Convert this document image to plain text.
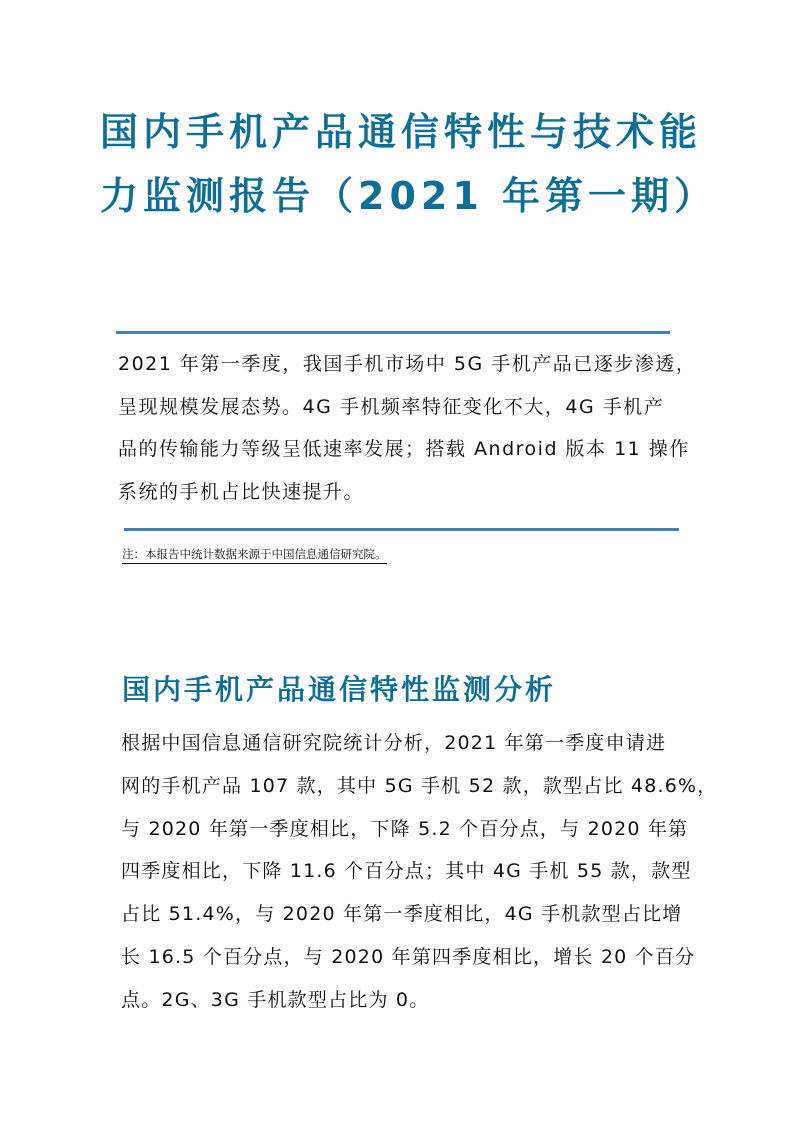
国内手机产品通信特性与技术能
力监测报告（2021 年第一期）

2021 年第一季度，我国手机市场中 5G 手机产品已逐步渗透，
呈现规模发展态势。4G 手机频率特征变化不大，4G 手机产
品的传输能力等级呈低速率发展；搭载 Android 版本 11 操作
系统的手机占比快速提升。

注：本报告中统计数据来源于中国信息通信研究院。

国内手机产品通信特性监测分析

根据中国信息通信研究院统计分析，2021 年第一季度申请进
网的手机产品 107 款，其中 5G 手机 52 款，款型占比 48.6%，
与 2020 年第一季度相比，下降 5.2 个百分点，与 2020 年第
四季度相比，下降 11.6 个百分点；其中 4G 手机 55 款，款型
占比 51.4%，与 2020 年第一季度相比，4G 手机款型占比增
长 16.5 个百分点，与 2020 年第四季度相比，增长 20 个百分
点。2G、3G 手机款型占比为 0。
